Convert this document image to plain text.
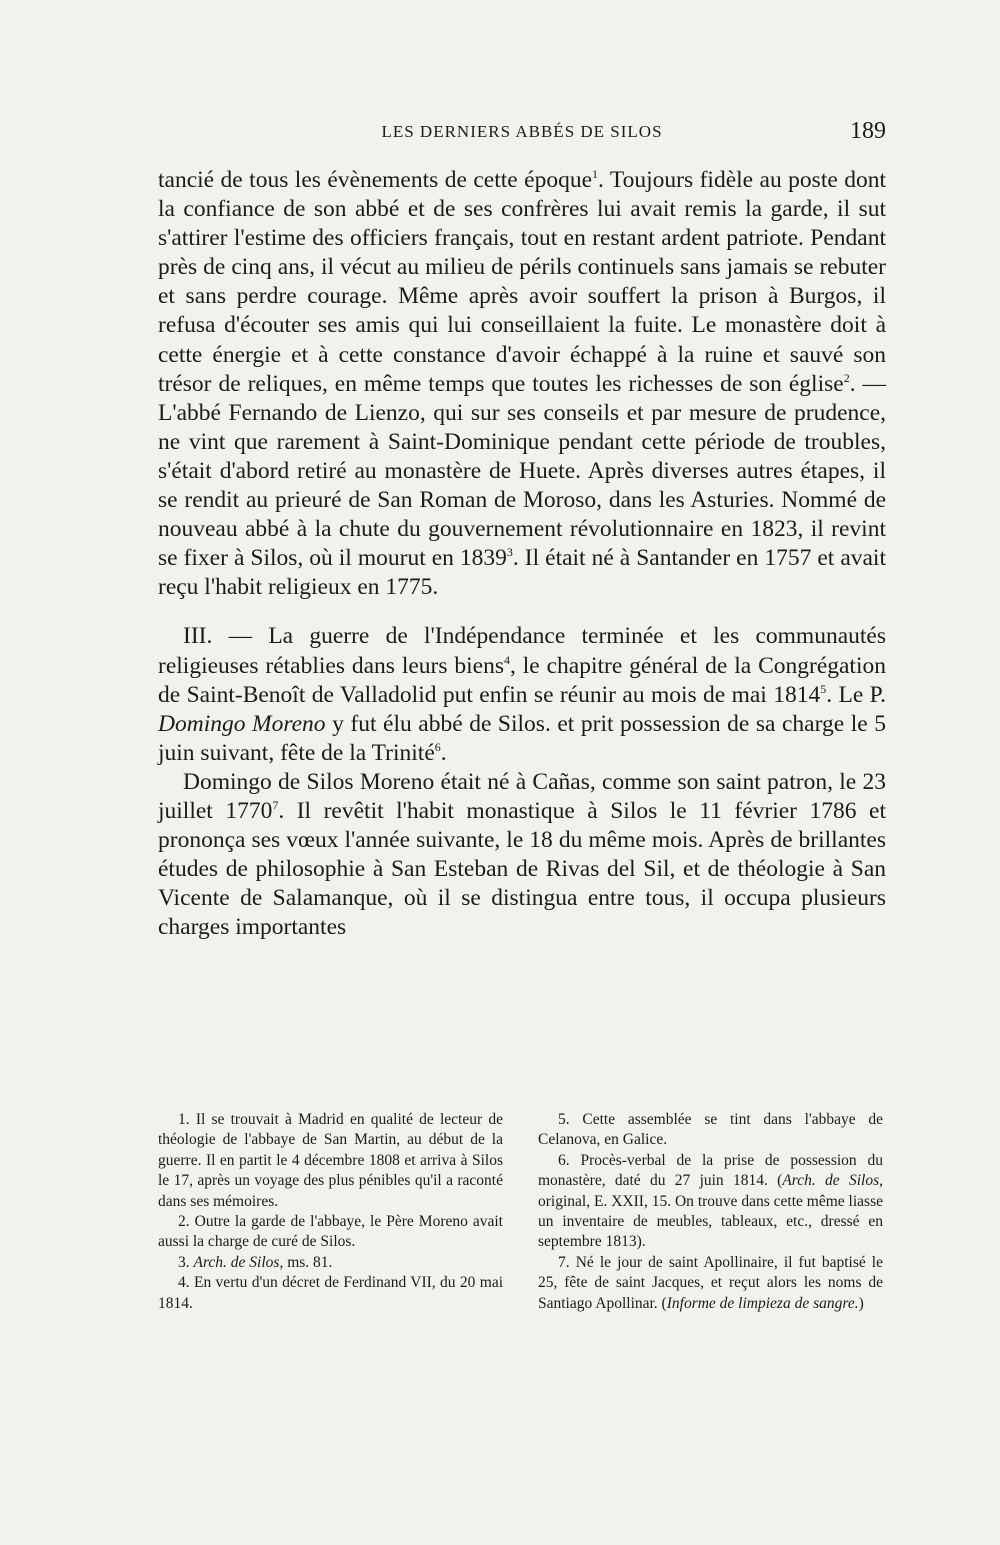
LES DERNIERS ABBÉS DE SILOS	189

tancié de tous les évènements de cette époque$^1$. Toujours fidèle au poste dont la confiance de son abbé et de ses confrères lui avait remis la garde, il sut s'attirer l'estime des officiers français, tout en restant ardent patriote. Pendant près de cinq ans, il vécut au milieu de périls continuels sans jamais se rebuter et sans perdre courage. Même après avoir souffert la prison à Burgos, il refusa d'écouter ses amis qui lui conseillaient la fuite. Le monastère doit à cette énergie et à cette constance d'avoir échappé à la ruine et sauvé son trésor de reliques, en même temps que toutes les richesses de son église$^2$. — L'abbé Fernando de Lienzo, qui sur ses conseils et par mesure de prudence, ne vint que rarement à Saint-Dominique pendant cette période de troubles, s'était d'abord retiré au monastère de Huete. Après diverses autres étapes, il se rendit au prieuré de San Roman de Moroso, dans les Asturies. Nommé de nouveau abbé à la chute du gouvernement révolutionnaire en 1823, il revint se fixer à Silos, où il mourut en 1839$^3$. Il était né à Santander en 1757 et avait reçu l'habit religieux en 1775.

III. — La guerre de l'Indépendance terminée et les communautés religieuses rétablies dans leurs biens$^4$, le chapitre général de la Congrégation de Saint-Benoît de Valladolid put enfin se réunir au mois de mai 1814$^5$. Le P. Domingo Moreno y fut élu abbé de Silos. et prit possession de sa charge le 5 juin suivant, fête de la Trinité$^6$.

Domingo de Silos Moreno était né à Cañas, comme son saint patron, le 23 juillet 1770$^7$. Il revêtit l'habit monastique à Silos le 11 février 1786 et prononça ses vœux l'année suivante, le 18 du même mois. Après de brillantes études de philosophie à San Esteban de Rivas del Sil, et de théologie à San Vicente de Salamanque, où il se distingua entre tous, il occupa plusieurs charges importantes

1. Il se trouvait à Madrid en qualité de lecteur de théologie de l'abbaye de San Martin, au début de la guerre. Il en partit le 4 décembre 1808 et arriva à Silos le 17, après un voyage des plus pénibles qu'il a raconté dans ses mémoires.

2. Outre la garde de l'abbaye, le Père Moreno avait aussi la charge de curé de Silos.

3. Arch. de Silos, ms. 81.

4. En vertu d'un décret de Ferdinand VII, du 20 mai 1814.

5. Cette assemblée se tint dans l'abbaye de Celanova, en Galice.

6. Procès-verbal de la prise de possession du monastère, daté du 27 juin 1814. (Arch. de Silos, original, E. XXII, 15. On trouve dans cette même liasse un inventaire de meubles, tableaux, etc., dressé en septembre 1813).

7. Né le jour de saint Apollinaire, il fut baptisé le 25, fête de saint Jacques, et reçut alors les noms de Santiago Apollinar. (Informe de limpieza de sangre.)
